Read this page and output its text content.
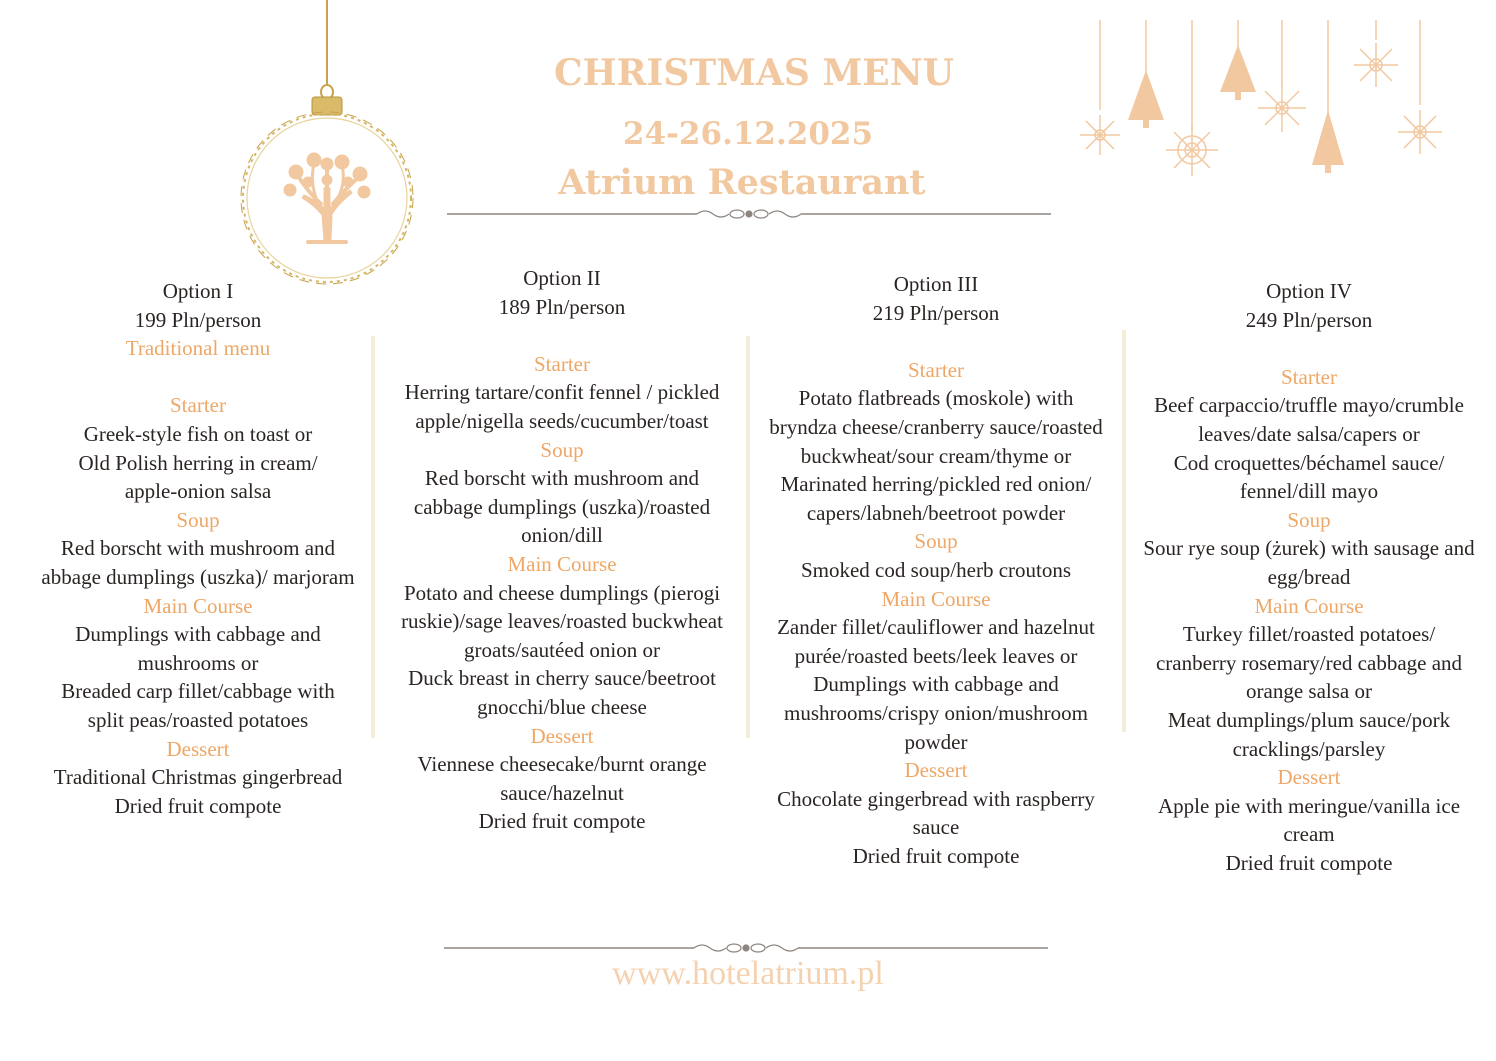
CHRISTMAS MENU
24-26.12.2025
Atrium Restaurant
Option I
199 Pln/person
Traditional menu
Starter
Greek-style fish on toast or
Old Polish herring in cream/
apple-onion salsa
Soup
Red borscht with mushroom and
abbage dumplings (uszka)/ marjoram
Main Course
Dumplings with cabbage and
mushrooms or
Breaded carp fillet/cabbage with
split peas/roasted potatoes
Dessert
Traditional Christmas gingerbread
Dried fruit compote
Option II
189 Pln/person
Starter
Herring tartare/confit fennel / pickled
apple/nigella seeds/cucumber/toast
Soup
Red borscht with mushroom and
cabbage dumplings (uszka)/roasted
onion/dill
Main Course
Potato and cheese dumplings (pierogi
ruskie)/sage leaves/roasted buckwheat
groats/sautéed onion or
Duck breast in cherry sauce/beetroot
gnocchi/blue cheese
Dessert
Viennese cheesecake/burnt orange
sauce/hazelnut
Dried fruit compote
Option III
219 Pln/person
Starter
Potato flatbreads (moskole) with
bryndza cheese/cranberry sauce/roasted
buckwheat/sour cream/thyme or
Marinated herring/pickled red onion/
capers/labneh/beetroot powder
Soup
Smoked cod soup/herb croutons
Main Course
Zander fillet/cauliflower and hazelnut
purée/roasted beets/leek leaves or
Dumplings with cabbage and
mushrooms/crispy onion/mushroom
powder
Dessert
Chocolate gingerbread with raspberry
sauce
Dried fruit compote
Option IV
249 Pln/person
Starter
Beef carpaccio/truffle mayo/crumble
leaves/date salsa/capers or
Cod croquettes/béchamel sauce/
fennel/dill mayo
Soup
Sour rye soup (żurek) with sausage and
egg/bread
Main Course
Turkey fillet/roasted potatoes/
cranberry rosemary/red cabbage and
orange salsa or
Meat dumplings/plum sauce/pork
cracklings/parsley
Dessert
Apple pie with meringue/vanilla ice
cream
Dried fruit compote
www.hotelatrium.pl
